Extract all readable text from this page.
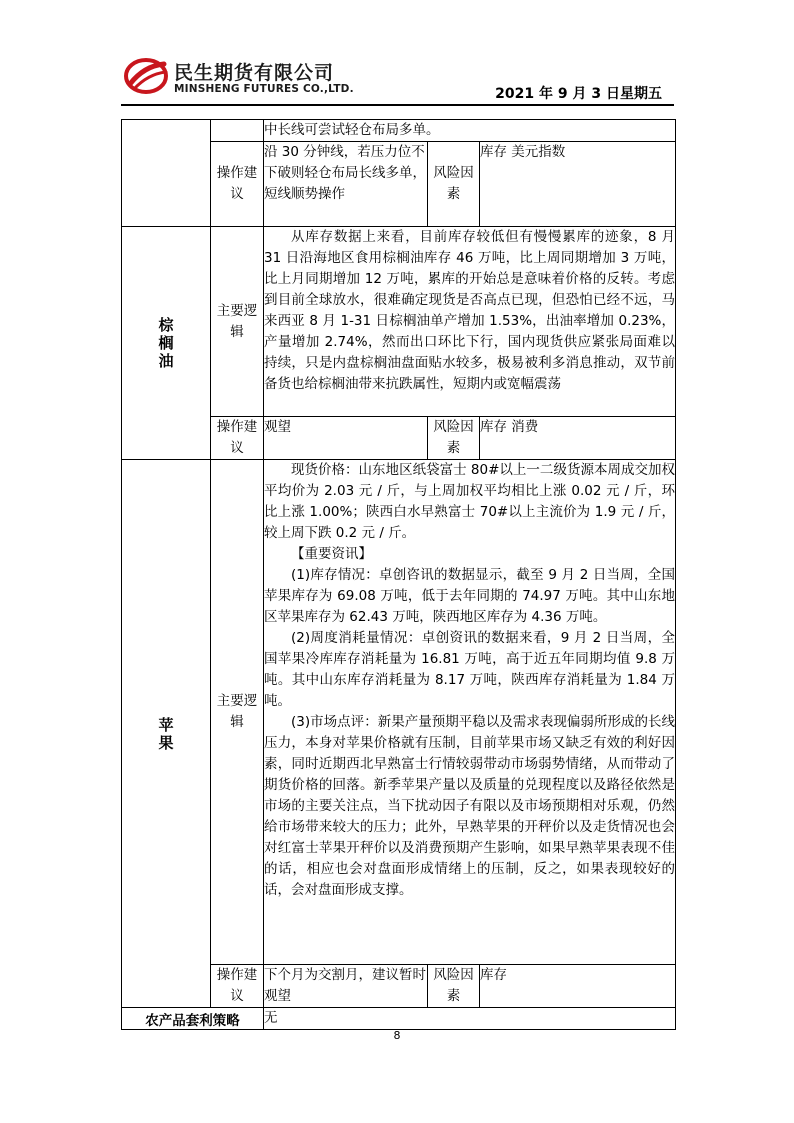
民生期货有限公司
MINSHENG FUTURES CO.,LTD.	2021 年 9 月 3 日星期五

		中长线可尝试轻仓布局多单。		

	操作建议	沿 30 分钟线，若压力位不下破则轻仓布局长线多单，短线顺势操作	风险因素	库存 美元指数
棕榈油	主要逻辑	从库存数据上来看，目前库存较低但有慢慢累库的迹象，8 月 31 日沿海地区食用棕榈油库存 46 万吨，比上周同期增加 3 万吨，比上月同期增加 12 万吨，累库的开始总是意味着价格的反转。考虑到目前全球放水，很难确定现货是否高点已现，但恐怕已经不远，马来西亚 8 月 1-31 日棕榈油单产增加 1.53%，出油率增加 0.23%，产量增加 2.74%，然而出口环比下行，国内现货供应紧张局面难以持续，只是内盘棕榈油盘面贴水较多，极易被利多消息推动，双节前备货也给棕榈油带来抗跌属性，短期内或宽幅震荡		

	操作建议	观望	风险因素	库存 消费
苹果	主要逻辑	现货价格：山东地区纸袋富士 80#以上一二级货源本周成交加权平均价为 2.03 元 / 斤，与上周加权平均相比上涨 0.02 元 / 斤，环比上涨 1.00%；陕西白水早熟富士 70#以上主流价为 1.9 元 / 斤，较上周下跌 0.2 元 / 斤。

【重要资讯】

(1)库存情况：卓创咨讯的数据显示，截至 9 月 2 日当周，全国苹果库存为 69.08 万吨，低于去年同期的 74.97 万吨。其中山东地区苹果库存为 62.43 万吨，陕西地区库存为 4.36 万吨。

(2)周度消耗量情况：卓创资讯的数据来看，9 月 2 日当周，全国苹果冷库库存消耗量为 16.81 万吨，高于近五年同期均值 9.8 万吨。其中山东库存消耗量为 8.17 万吨，陕西库存消耗量为 1.84 万吨。

(3)市场点评：新果产量预期平稳以及需求表现偏弱所形成的长线压力，本身对苹果价格就有压制，目前苹果市场又缺乏有效的利好因素，同时近期西北早熟富士行情较弱带动市场弱势情绪，从而带动了期货价格的回落。新季苹果产量以及质量的兑现程度以及路径依然是市场的主要关注点，当下扰动因子有限以及市场预期相对乐观，仍然给市场带来较大的压力；此外，早熟苹果的开秤价以及走货情况也会对红富士苹果开秤价以及消费预期产生影响，如果早熟苹果表现不佳的话，相应也会对盘面形成情绪上的压制，反之，如果表现较好的话，会对盘面形成支撑。		

	操作建议	下个月为交割月，建议暂时观望	风险因素	库存
农产品套利策略		无		
8
